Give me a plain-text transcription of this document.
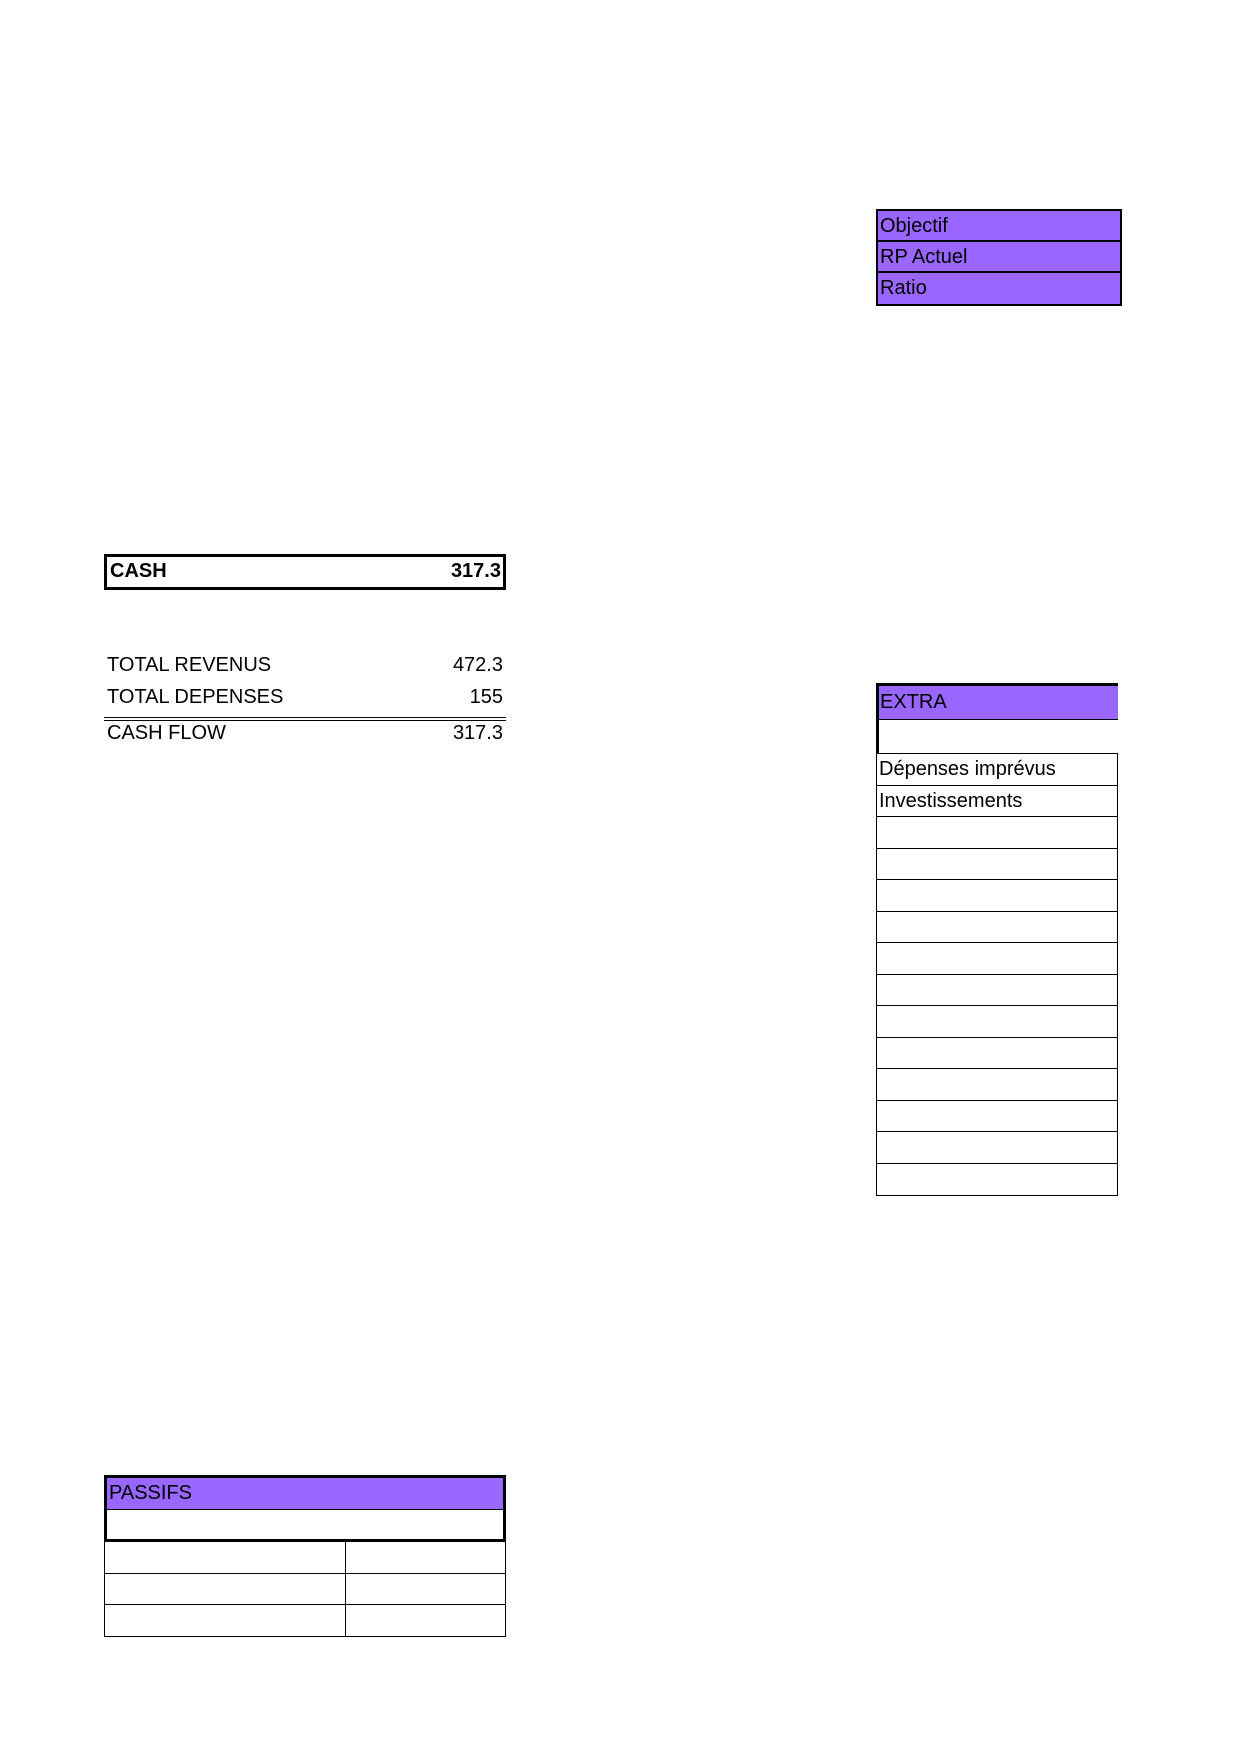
Objectif
RP Actuel
Ratio
CASH	317.3
TOTAL REVENUS	472.3
TOTAL DEPENSES	155
CASH FLOW	317.3
EXTRA
Dépenses imprévus
Investissements
PASSIFS
